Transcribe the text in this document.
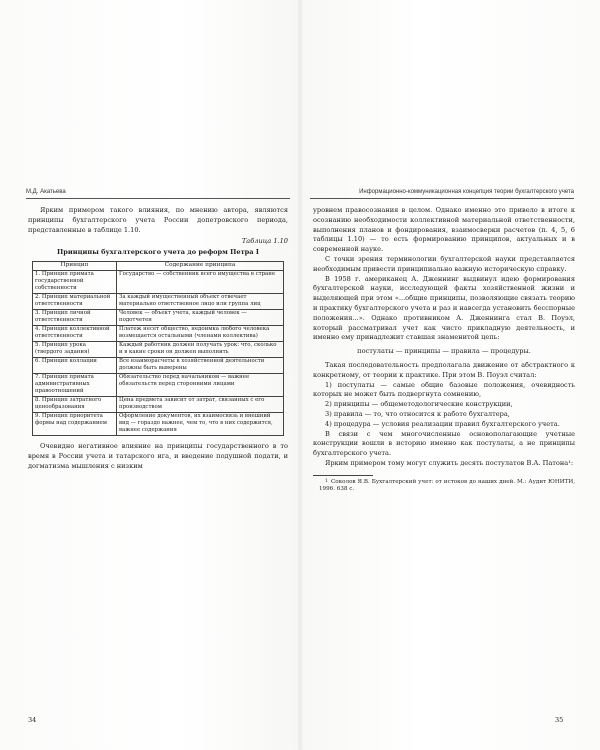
М.Д. Акатьева	Информационно-коммуникационная концепция теории бухгалтерского учета

Ярким примером такого влияния, по мнению автора, являются принципы бухгалтерского учета России допетровского периода, представленные в таблице 1.10.

Таблица 1.10
Принципы бухгалтерского учета до реформ Петра I
Принцип	Содержание принципа
1. Принцип примата государственной собственности	Государство — собственник всего имущества в стране
2. Принцип материальной ответственности	За каждый имущественный объект отвечает материально ответственное лицо или группа лиц
3. Принцип личной ответственности	Человек — объект учета, каждый человек — подотчетен
4. Принцип коллективной ответственности	Платеж несет общество, недоимка любого человека возмещается остальными (членами коллектива)
5. Принцип урока (твердого задания)	Каждый работник должен получать урок: что, сколько и в какие сроки он должен выполнить
6. Принцип коллации	Все взаиморасчеты в хозяйственной деятельности должны быть выверены
7. Принцип примата административных правоотношений	Обязательство перед начальником — важнее обязательств перед сторонними лицами
8. Принцип затратного ценообразования	Цена предмета зависит от затрат, связанных с его производством
9. Принцип приоритета формы над содержанием	Оформление документов, их взаимосвязь и внешний вид — гораздо важнее, чем то, что в них содержится, важнее содержания

Очевидно негативное влияние на принципы государственного в то время в России учета и татарского ига, и введение подушной подати, и догматизма мышления с низким

уровнем правосознания в целом. Однако именно это привело в итоге к осознанию необходимости коллективной материальной ответственности, выполнения планов и фондирования, взаимосверки расчетов (п. 4, 5, 6 таблицы 1.10) — то есть формированию принципов, актуальных и в современной науке.

С точки зрения терминологии бухгалтерской науки представляется необходимым привести принципиально важную историческую справку.

В 1958 г. американец А. Дженнинг выдвинул идею формирования бухгалтерской науки, исследующей факты хозяйственной жизни и выделяющей при этом «...общие принципы, позволяющие связать теорию и практику бухгалтерского учета и раз и навсегда установить бесспорные положения...». Однако противником А. Дженнинга стал В. Поуэл, который рассматривал учет как чисто прикладную деятельность, и именно ему принадлежит ставшая знаменитой цепь:

постулаты — принципы — правила — процедуры.

Такая последовательность предполагала движение от абстрактного к конкретному, от теории к практике. При этом В. Поуэл считал:

1) постулаты — самые общие базовые положения, очевидность которых не может быть подвергнута сомнению,

2) принципы — общеметодологические конструкции,

3) правила — то, что относится к работе бухгалтера,

4) процедура — условия реализации правил бухгалтерского учета.

В связи с чем многочисленные основополагающие учетные конструкции вошли в историю именно как постулаты, а не принципы бухгалтерского учета.

Ярким примером тому могут служить десять постулатов В.А. Патона¹:

1 Соколов Я.В. Бухгалтерский учет: от истоков до наших дней. М.: Аудит ЮНИТИ, 1996. 638 с.

34	35
